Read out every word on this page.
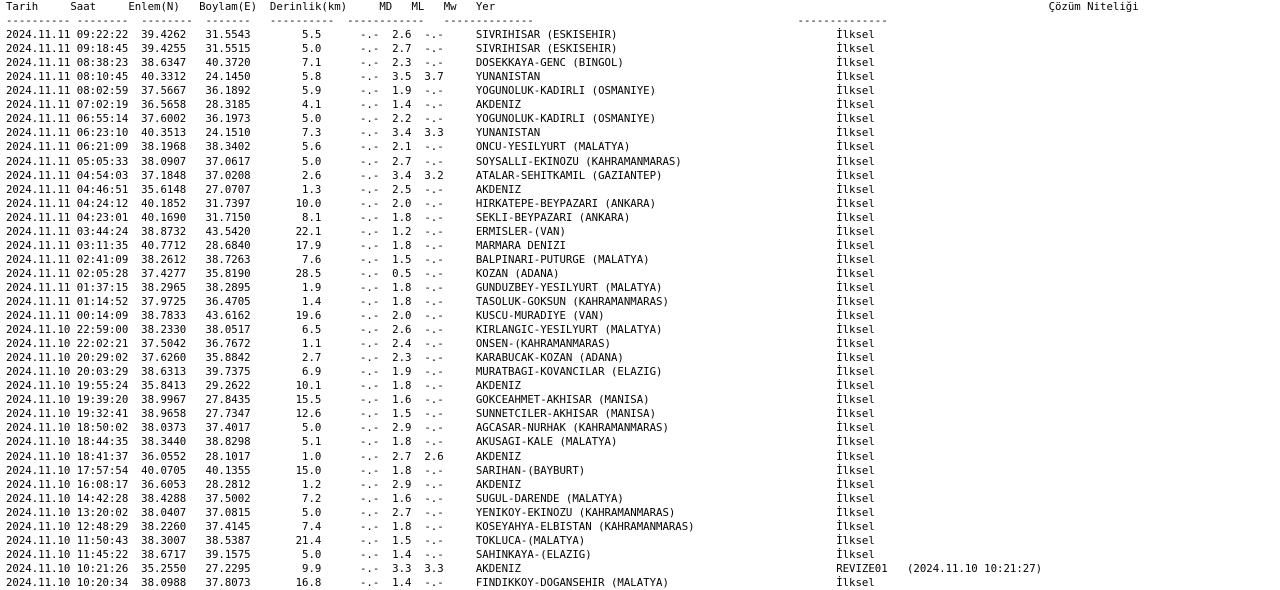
Tarih	Saat	Enlem(N) Boylam(E) Derinlik(km)	MD ML Mw Yer	Çözüm Niteliği
---------- -------- -------- ------- ---------- ------------ --------------	--------------
2024.11.11 09:22:22 39.4262 31.5543	5.5	-.- 2.6 -.-	SIVRIHISAR (ESKISEHIR)	İlksel
2024.11.11 09:18:45 39.4255 31.5515	5.0	-.- 2.7 -.-	SIVRIHISAR (ESKISEHIR)	İlksel
2024.11.11 08:38:23 38.6347 40.3720	7.1	-.- 2.3 -.-	DOSEKKAYA-GENC (BINGOL)	İlksel
2024.11.11 08:10:45 40.3312 24.1450	5.8	-.- 3.5 3.7	YUNANISTAN	İlksel
2024.11.11 08:02:59 37.5667 36.1892	5.9	-.- 1.9 -.-	YOGUNOLUK-KADIRLI (OSMANIYE)	İlksel
2024.11.11 07:02:19 36.5658 28.3185	4.1	-.- 1.4 -.-	AKDENIZ	İlksel
2024.11.11 06:55:14 37.6002 36.1973	5.0	-.- 2.2 -.-	YOGUNOLUK-KADIRLI (OSMANIYE)	İlksel
2024.11.11 06:23:10 40.3513 24.1510	7.3	-.- 3.4 3.3	YUNANISTAN	İlksel
2024.11.11 06:21:09 38.1968 38.3402	5.6	-.- 2.1 -.-	ONCU-YESILYURT (MALATYA)	İlksel
2024.11.11 05:05:33 38.0907 37.0617	5.0	-.- 2.7 -.-	SOYSALLI-EKINOZU (KAHRAMANMARAS)	İlksel
2024.11.11 04:54:03 37.1848 37.0208	2.6	-.- 3.4 3.2	ATALAR-SEHITKAMIL (GAZIANTEP)	İlksel
2024.11.11 04:46:51 35.6148 27.0707	1.3	-.- 2.5 -.-	AKDENIZ	İlksel
2024.11.11 04:24:12 40.1852 31.7397	10.0	-.- 2.0 -.-	HIRKATEPE-BEYPAZARI (ANKARA)	İlksel
2024.11.11 04:23:01 40.1690 31.7150	8.1	-.- 1.8 -.-	SEKLI-BEYPAZARI (ANKARA)	İlksel
2024.11.11 03:44:24 38.8732 43.5420	22.1	-.- 1.2 -.-	ERMISLER-(VAN)	İlksel
2024.11.11 03:11:35 40.7712 28.6840	17.9	-.- 1.8 -.-	MARMARA DENIZI	İlksel
2024.11.11 02:41:09 38.2612 38.7263	7.6	-.- 1.5 -.-	BALPINARI-PUTURGE (MALATYA)	İlksel
2024.11.11 02:05:28 37.4277 35.8190	28.5	-.- 0.5 -.-	KOZAN (ADANA)	İlksel
2024.11.11 01:37:15 38.2965 38.2895	1.9	-.- 1.8 -.-	GUNDUZBEY-YESILYURT (MALATYA)	İlksel
2024.11.11 01:14:52 37.9725 36.4705	1.4	-.- 1.8 -.-	TASOLUK-GOKSUN (KAHRAMANMARAS)	İlksel
2024.11.11 00:14:09 38.7833 43.6162	19.6	-.- 2.0 -.-	KUSCU-MURADIYE (VAN)	İlksel
2024.11.10 22:59:00 38.2330 38.0517	6.5	-.- 2.6 -.-	KIRLANGIC-YESILYURT (MALATYA)	İlksel
2024.11.10 22:02:21 37.5042 36.7672	1.1	-.- 2.4 -.-	ONSEN-(KAHRAMANMARAS)	İlksel
2024.11.10 20:29:02 37.6260 35.8842	2.7	-.- 2.3 -.-	KARABUCAK-KOZAN (ADANA)	İlksel
2024.11.10 20:03:29 38.6313 39.7375	6.9	-.- 1.9 -.-	MURATBAGI-KOVANCILAR (ELAZIG)	İlksel
2024.11.10 19:55:24 35.8413 29.2622	10.1	-.- 1.8 -.-	AKDENIZ	İlksel
2024.11.10 19:39:20 38.9967 27.8435	15.5	-.- 1.6 -.-	GOKCEAHMET-AKHISAR (MANISA)	İlksel
2024.11.10 19:32:41 38.9658 27.7347	12.6	-.- 1.5 -.-	SUNNETCILER-AKHISAR (MANISA)	İlksel
2024.11.10 18:50:02 38.0373 37.4017	5.0	-.- 2.9 -.-	AGCASAR-NURHAK (KAHRAMANMARAS)	İlksel
2024.11.10 18:44:35 38.3440 38.8298	5.1	-.- 1.8 -.-	AKUSAGI-KALE (MALATYA)	İlksel
2024.11.10 18:41:37 36.0552 28.1017	1.0	-.- 2.7 2.6	AKDENIZ	İlksel
2024.11.10 17:57:54 40.0705 40.1355	15.0	-.- 1.8 -.-	SARIHAN-(BAYBURT)	İlksel
2024.11.10 16:08:17 36.6053 28.2812	1.2	-.- 2.9 -.-	AKDENIZ	İlksel
2024.11.10 14:42:28 38.4288 37.5002	7.2	-.- 1.6 -.-	SUGUL-DARENDE (MALATYA)	İlksel
2024.11.10 13:20:02 38.0407 37.0815	5.0	-.- 2.7 -.-	YENIKOY-EKINOZU (KAHRAMANMARAS)	İlksel
2024.11.10 12:48:29 38.2260 37.4145	7.4	-.- 1.8 -.-	KOSEYAHYA-ELBISTAN (KAHRAMANMARAS)	İlksel
2024.11.10 11:50:43 38.3007 38.5387	21.4	-.- 1.5 -.-	TOKLUCA-(MALATYA)	İlksel
2024.11.10 11:45:22 38.6717 39.1575	5.0	-.- 1.4 -.-	SAHINKAYA-(ELAZIG)	İlksel
2024.11.10 10:21:26 35.2550 27.2295	9.9	-.- 3.3 3.3	AKDENIZ	REVIZE01   (2024.11.10 10:21:27)
2024.11.10 10:20:34 38.0988 37.8073	16.8	-.- 1.4 -.-	FINDIKKOY-DOGANSEHIR (MALATYA)	İlksel
